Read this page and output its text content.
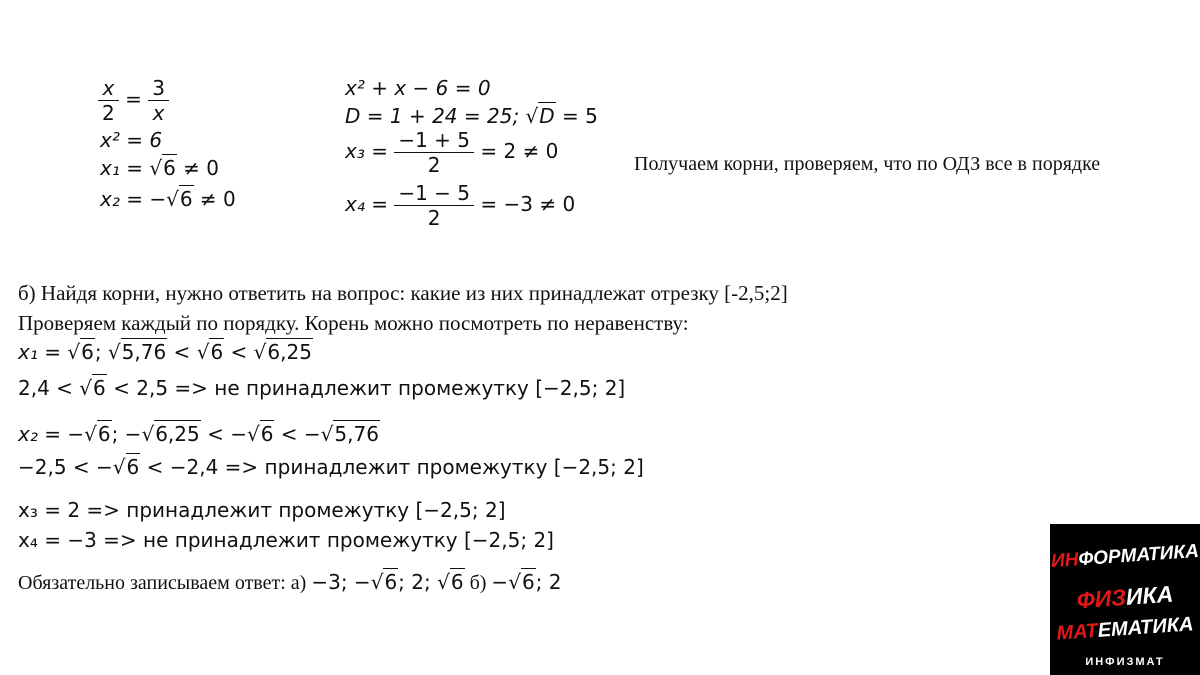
$\frac{x}{2} = \frac{3}{x}$
x² = 6
x₁ = √6 ≠ 0
x₂ = −√6 ≠ 0
x² + x − 6 = 0
D = 1 + 24 = 25; √D = 5
$x_3 = \frac{-1 + 5}{2} = 2 \ne 0$
$x_4 = \frac{-1 - 5}{2} = -3 \ne 0$
Получаем корни, проверяем, что по ОДЗ все в порядке
б) Найдя корни, нужно ответить на вопрос: какие из них принадлежат отрезку [-2,5;2]
Проверяем каждый по порядку. Корень можно посмотреть по неравенству:
x₁ = √6; √5,76 < √6 < √6,25
2,4 < √6 < 2,5 => не принадлежит промежутку [−2,5; 2]
x₂ = −√6; −√6,25 < −√6 < −√5,76
−2,5 < −√6 < −2,4 => принадлежит промежутку [−2,5; 2]
x₃ = 2 => принадлежит промежутку [−2,5; 2]
x₄ = −3 => не принадлежит промежутку [−2,5; 2]
Обязательно записываем ответ: а) −3; −√6; 2; √6 б) −√6; 2
ИНФОРМАТИКА
ФИЗИКА
МАТЕМАТИКА
ИНФИЗМАТ
